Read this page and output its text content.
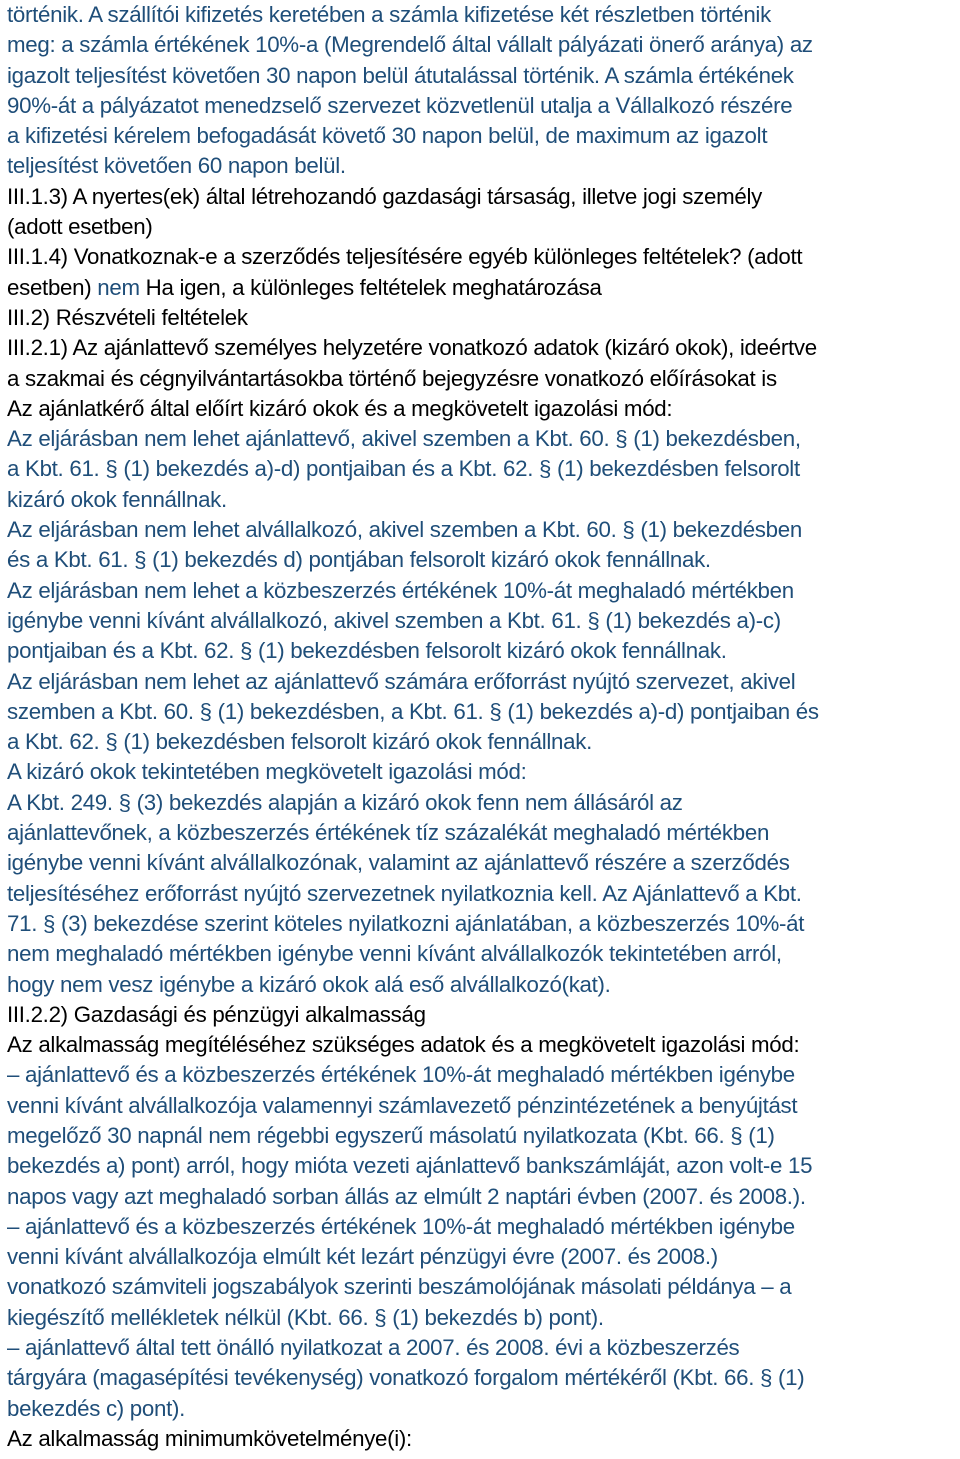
történik. A szállítói kifizetés keretében a számla kifizetése két részletben történik

meg: a számla értékének 10%-a (Megrendelő által vállalt pályázati önerő aránya) az

igazolt teljesítést követően 30 napon belül átutalással történik. A számla értékének

90%-át a pályázatot menedzselő szervezet közvetlenül utalja a Vállalkozó részére

a kifizetési kérelem befogadását követő 30 napon belül, de maximum az igazolt

teljesítést követően 60 napon belül.

III.1.3) A nyertes(ek) által létrehozandó gazdasági társaság, illetve jogi személy

(adott esetben)

III.1.4) Vonatkoznak-e a szerződés teljesítésére egyéb különleges feltételek? (adott

esetben) nem Ha igen, a különleges feltételek meghatározása

III.2) Részvételi feltételek

III.2.1) Az ajánlattevő személyes helyzetére vonatkozó adatok (kizáró okok), ideértve

a szakmai és cégnyilvántartásokba történő bejegyzésre vonatkozó előírásokat is

Az ajánlatkérő által előírt kizáró okok és a megkövetelt igazolási mód:

Az eljárásban nem lehet ajánlattevő, akivel szemben a Kbt. 60. § (1) bekezdésben,

a Kbt. 61. § (1) bekezdés a)-d) pontjaiban és a Kbt. 62. § (1) bekezdésben felsorolt

kizáró okok fennállnak.

Az eljárásban nem lehet alvállalkozó, akivel szemben a Kbt. 60. § (1) bekezdésben

és a Kbt. 61. § (1) bekezdés d) pontjában felsorolt kizáró okok fennállnak.

Az eljárásban nem lehet a közbeszerzés értékének 10%-át meghaladó mértékben

igénybe venni kívánt alvállalkozó, akivel szemben a Kbt. 61. § (1) bekezdés a)-c)

pontjaiban és a Kbt. 62. § (1) bekezdésben felsorolt kizáró okok fennállnak.

Az eljárásban nem lehet az ajánlattevő számára erőforrást nyújtó szervezet, akivel

szemben a Kbt. 60. § (1) bekezdésben, a Kbt. 61. § (1) bekezdés a)-d) pontjaiban és

a Kbt. 62. § (1) bekezdésben felsorolt kizáró okok fennállnak.

A kizáró okok tekintetében megkövetelt igazolási mód:

A Kbt. 249. § (3) bekezdés alapján a kizáró okok fenn nem állásáról az

ajánlattevőnek, a közbeszerzés értékének tíz százalékát meghaladó mértékben

igénybe venni kívánt alvállalkozónak, valamint az ajánlattevő részére a szerződés

teljesítéséhez erőforrást nyújtó szervezetnek nyilatkoznia kell. Az Ajánlattevő a Kbt.

71. § (3) bekezdése szerint köteles nyilatkozni ajánlatában, a közbeszerzés 10%-át

nem meghaladó mértékben igénybe venni kívánt alvállalkozók tekintetében arról,

hogy nem vesz igénybe a kizáró okok alá eső alvállalkozó(kat).

III.2.2) Gazdasági és pénzügyi alkalmasság

Az alkalmasság megítéléséhez szükséges adatok és a megkövetelt igazolási mód:

– ajánlattevő és a közbeszerzés értékének 10%-át meghaladó mértékben igénybe

venni kívánt alvállalkozója valamennyi számlavezető pénzintézetének a benyújtást

megelőző 30 napnál nem régebbi egyszerű másolatú nyilatkozata (Kbt. 66. § (1)

bekezdés a) pont) arról, hogy mióta vezeti ajánlattevő bankszámláját, azon volt-e 15

napos vagy azt meghaladó sorban állás az elmúlt 2 naptári évben (2007. és 2008.).

– ajánlattevő és a közbeszerzés értékének 10%-át meghaladó mértékben igénybe

venni kívánt alvállalkozója elmúlt két lezárt pénzügyi évre (2007. és 2008.)

vonatkozó számviteli jogszabályok szerinti beszámolójának másolati példánya – a

kiegészítő mellékletek nélkül (Kbt. 66. § (1) bekezdés b) pont).

– ajánlattevő által tett önálló nyilatkozat a 2007. és 2008. évi a közbeszerzés

tárgyára (magasépítési tevékenység) vonatkozó forgalom mértékéről (Kbt. 66. § (1)

bekezdés c) pont).

Az alkalmasság minimumkövetelménye(i):
